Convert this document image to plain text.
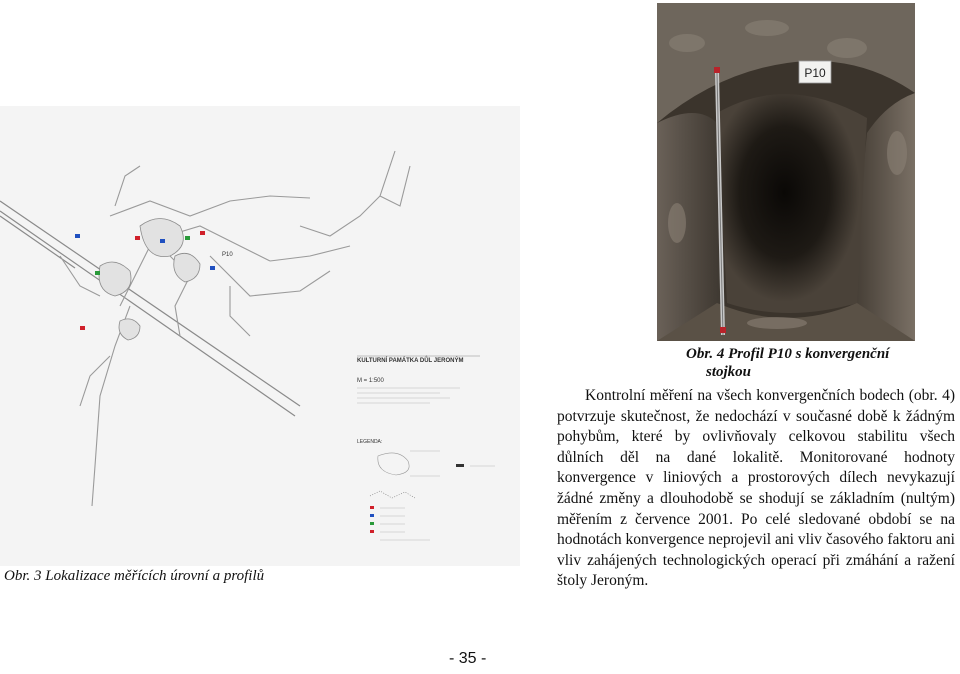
P10
KULTURNÍ PAMÁTKA DŮL JERONÝM
M = 1:500
LEGENDA:
Obr. 3 Lokalizace měřících úrovní a profilů
P10
Obr. 4 Profil P10 s konvergenční
stojkou

Kontrolní měření na všech konvergenčních bodech (obr. 4) potvrzuje skutečnost, že nedochází v současné době k žádným pohybům, které by ovlivňovaly celkovou stabilitu všech důlních děl na dané lokalitě. Monitorované hodnoty konvergence v liniových a prostorových dílech nevykazují žádné změny a dlouhodobě se shodují se základním (nultým) měřením z července 2001. Po celé sledované období se na hodnotách konvergence neprojevil ani vliv časového faktoru ani vliv zahájených technologických operací při zmáhání a ražení štoly Jeroným.

- 35 -
